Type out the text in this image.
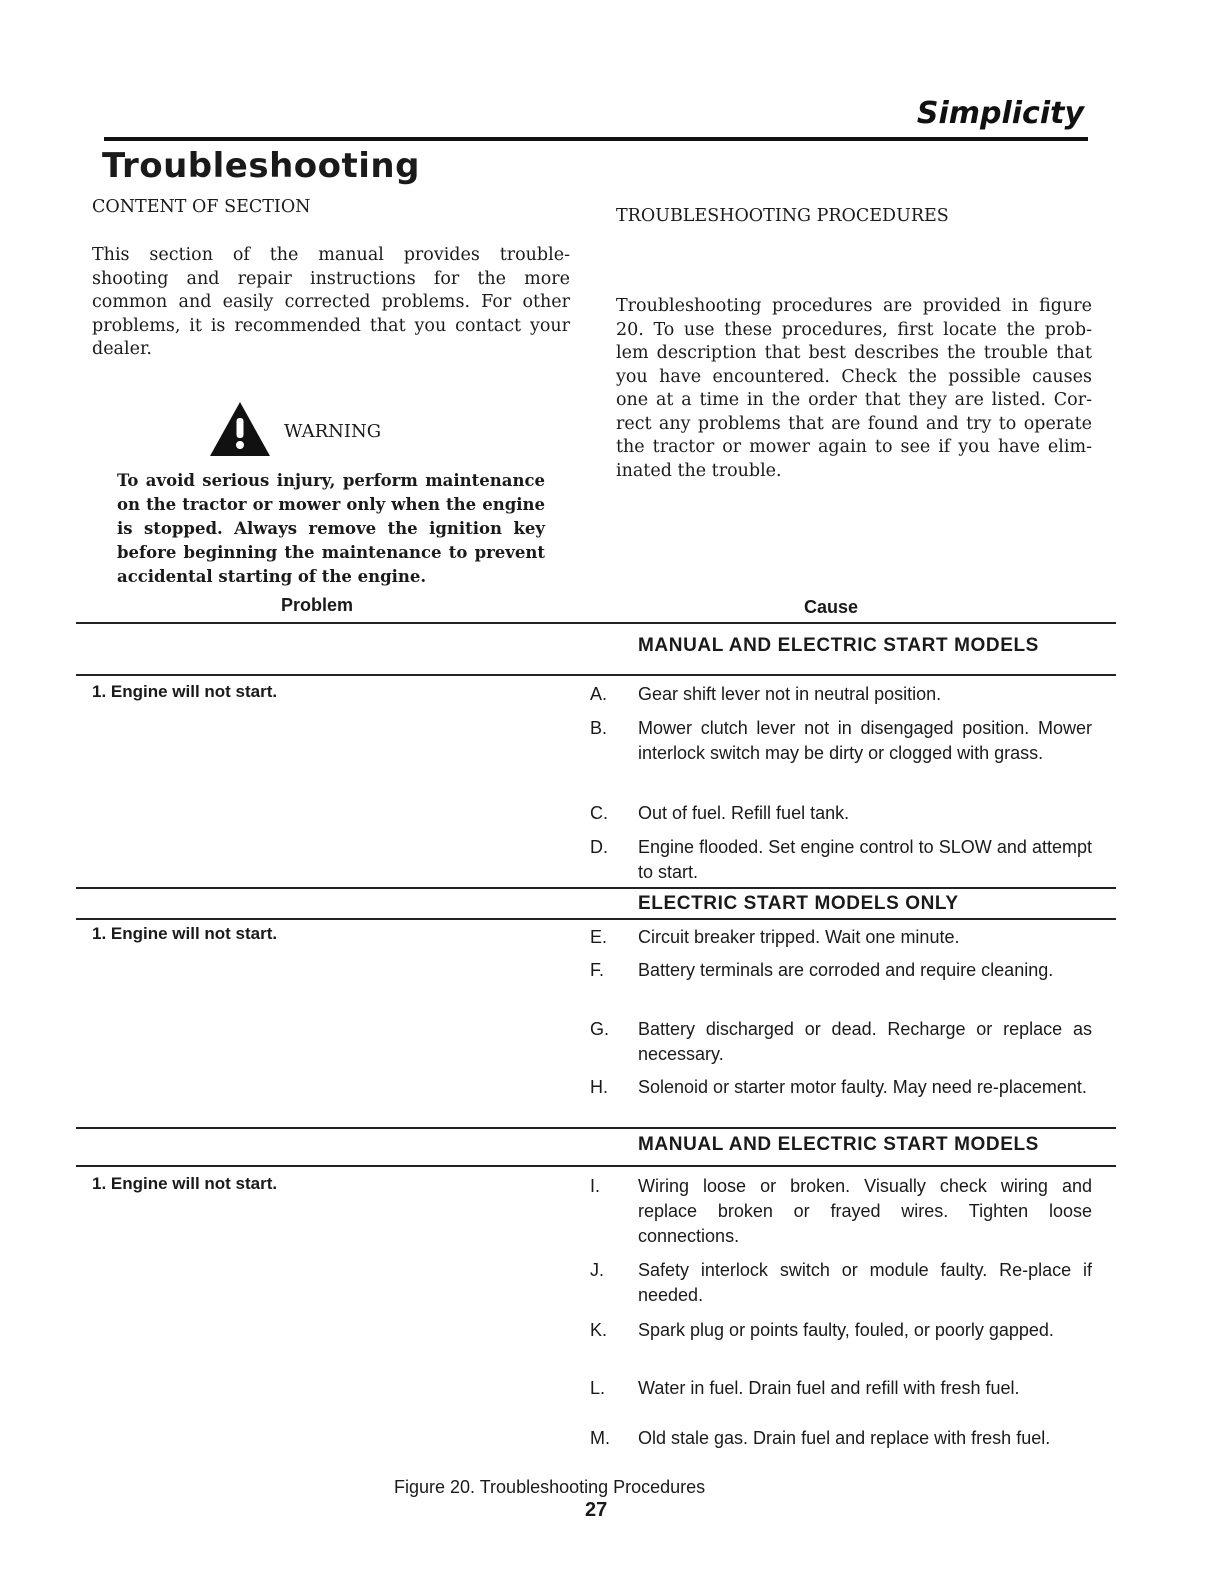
Simplicity
Troubleshooting
CONTENT OF SECTION
This section of the manual provides trouble-
shooting and repair instructions for the more
common and easily corrected problems. For other
problems, it is recommended that you contact your
dealer.
WARNING
To avoid serious injury, perform maintenance
on the tractor or mower only when the engine
is stopped. Always remove the ignition key
before beginning the maintenance to prevent
accidental starting of the engine.
TROUBLESHOOTING PROCEDURES
Troubleshooting procedures are provided in figure
20. To use these procedures, first locate the prob-
lem description that best describes the trouble that
you have encountered. Check the possible causes
one at a time in the order that they are listed. Cor-
rect any problems that are found and try to operate
the tractor or mower again to see if you have elim-
inated the trouble.
Problem	Cause
MANUAL AND ELECTRIC START MODELS
1. Engine will not start.	A.	Gear shift lever not in neutral position.
B.	Mower clutch lever not in disengaged position. Mower interlock switch may be dirty or clogged with grass.
C.	Out of fuel. Refill fuel tank.
D.	Engine flooded. Set engine control to SLOW and attempt to start.
ELECTRIC START MODELS ONLY
1. Engine will not start.	E.	Circuit breaker tripped. Wait one minute.
F.	Battery terminals are corroded and require cleaning.
G.	Battery discharged or dead. Recharge or replace as necessary.
H.	Solenoid or starter motor faulty. May need re-placement.
MANUAL AND ELECTRIC START MODELS
1. Engine will not start.	I.	Wiring loose or broken. Visually check wiring and replace broken or frayed wires. Tighten loose connections.
J.	Safety interlock switch or module faulty. Re-place if needed.
K.	Spark plug or points faulty, fouled, or poorly gapped.
L.	Water in fuel. Drain fuel and refill with fresh fuel.
M.	Old stale gas. Drain fuel and replace with fresh fuel.
Figure 20. Troubleshooting Procedures
27
